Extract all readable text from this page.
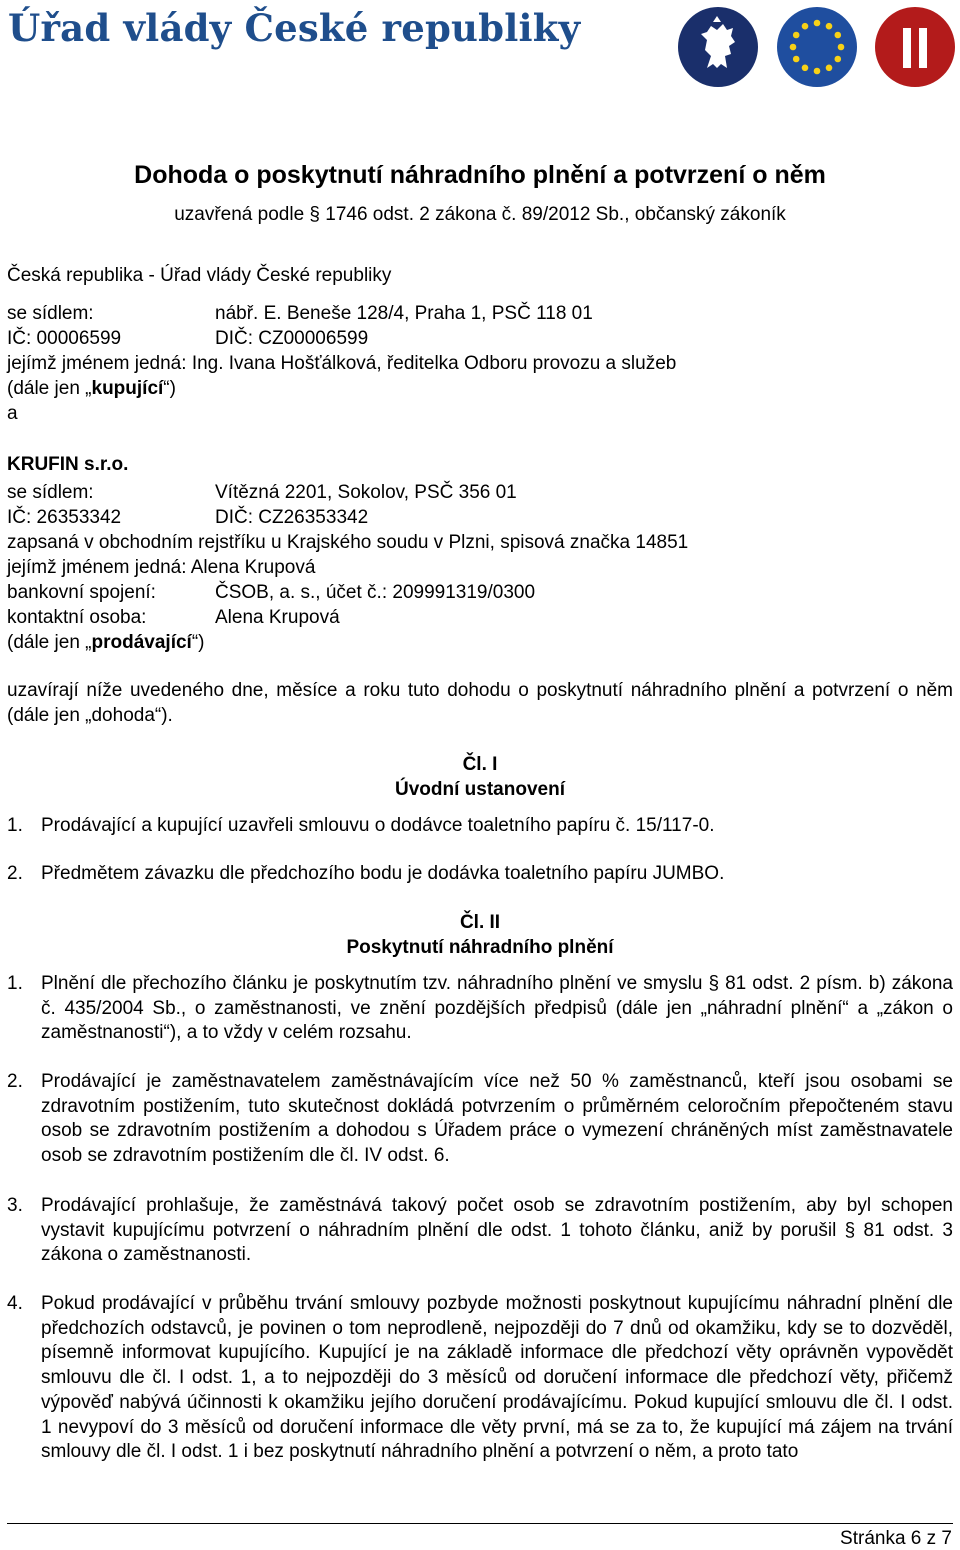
Úřad vlády České republiky
Dohoda o poskytnutí náhradního plnění a potvrzení o něm
uzavřená podle § 1746 odst. 2 zákona č. 89/2012 Sb., občanský zákoník
Česká republika - Úřad vlády České republiky
se sídlem:	nábř. E. Beneše 128/4, Praha 1, PSČ 118 01
IČ: 00006599	DIČ: CZ00006599
jejímž jménem jedná: Ing. Ivana Hošťálková, ředitelka Odboru provozu a služeb
(dále jen „kupující“)
a
KRUFIN s.r.o.
se sídlem:	Vítězná 2201, Sokolov, PSČ 356 01
IČ: 26353342	DIČ: CZ26353342
zapsaná v obchodním rejstříku u Krajského soudu v Plzni, spisová značka 14851
jejímž jménem jedná: Alena Krupová
bankovní spojení:	ČSOB, a. s., účet č.: 209991319/0300
kontaktní osoba:	Alena Krupová
(dále jen „prodávající“)
uzavírají níže uvedeného dne, měsíce a roku tuto dohodu o poskytnutí náhradního plnění a potvrzení o něm (dále jen „dohoda“).
Čl. I
Úvodní ustanovení
1. Prodávající a kupující uzavřeli smlouvu o dodávce toaletního papíru č. 15/117-0.
2. Předmětem závazku dle předchozího bodu je dodávka toaletního papíru JUMBO.
Čl. II
Poskytnutí náhradního plnění
1. Plnění dle přechozího článku je poskytnutím tzv. náhradního plnění ve smyslu § 81 odst. 2 písm. b) zákona č. 435/2004 Sb., o zaměstnanosti, ve znění pozdějších předpisů (dále jen „náhradní plnění“ a „zákon o zaměstnanosti“), a to vždy v celém rozsahu.
2. Prodávající je zaměstnavatelem zaměstnávajícím více než 50 % zaměstnanců, kteří jsou osobami se zdravotním postižením, tuto skutečnost dokládá potvrzením o průměrném celoročním přepočteném stavu osob se zdravotním postižením a dohodou s Úřadem práce o vymezení chráněných míst zaměstnavatele osob se zdravotním postižením dle čl. IV odst. 6.
3. Prodávající prohlašuje, že zaměstnává takový počet osob se zdravotním postižením, aby byl schopen vystavit kupujícímu potvrzení o náhradním plnění dle odst. 1 tohoto článku, aniž by porušil § 81 odst. 3 zákona o zaměstnanosti.
4. Pokud prodávající v průběhu trvání smlouvy pozbyde možnosti poskytnout kupujícímu náhradní plnění dle předchozích odstavců, je povinen o tom neprodleně, nejpozději do 7 dnů od okamžiku, kdy se to dozvěděl, písemně informovat kupujícího. Kupující je na základě informace dle předchozí věty oprávněn vypovědět smlouvu dle čl. I odst. 1, a to nejpozději do 3 měsíců od doručení informace dle předchozí věty, přičemž výpověď nabývá účinnosti k okamžiku jejího doručení prodávajícímu. Pokud kupující smlouvu dle čl. I odst. 1 nevypoví do 3 měsíců od doručení informace dle věty první, má se za to, že kupující má zájem na trvání smlouvy dle čl. I odst. 1 i bez poskytnutí náhradního plnění a potvrzení o něm, a proto tato
Stránka 6 z 7
